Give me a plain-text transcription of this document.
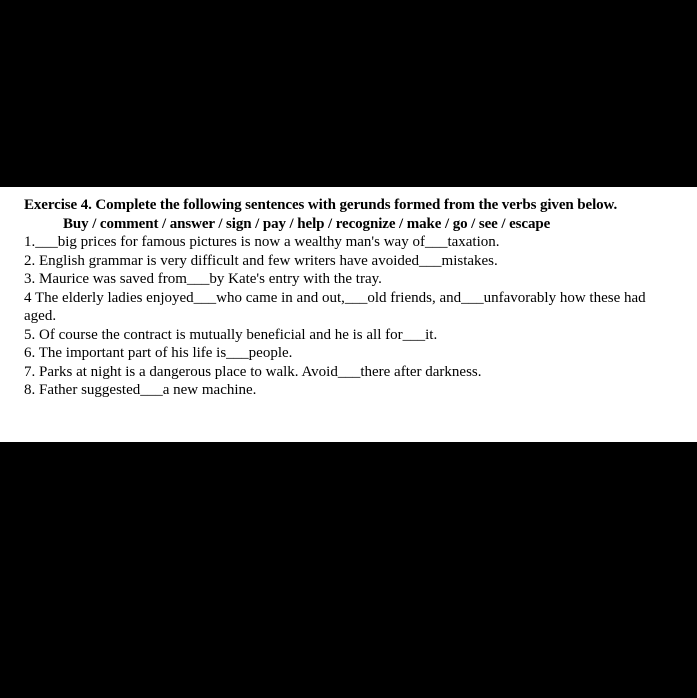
Exercise 4. Complete the following sentences with gerunds formed from the verbs given below.

Buy / comment / answer / sign / pay / help / recognize / make / go / see / escape

1.___big prices for famous pictures is now a wealthy man's way of___taxation.

2. English grammar is very difficult and few writers have avoided___mistakes.

3. Maurice was saved from___by Kate's entry with the tray.

4 The elderly ladies enjoyed___who came in and out,___old friends, and___unfavorably how these had aged.

5. Of course the contract is mutually beneficial and he is all for___it.

6. The important part of his life is___people.

7. Parks at night is a dangerous place to walk. Avoid___there after darkness.

8. Father suggested___a new machine.
